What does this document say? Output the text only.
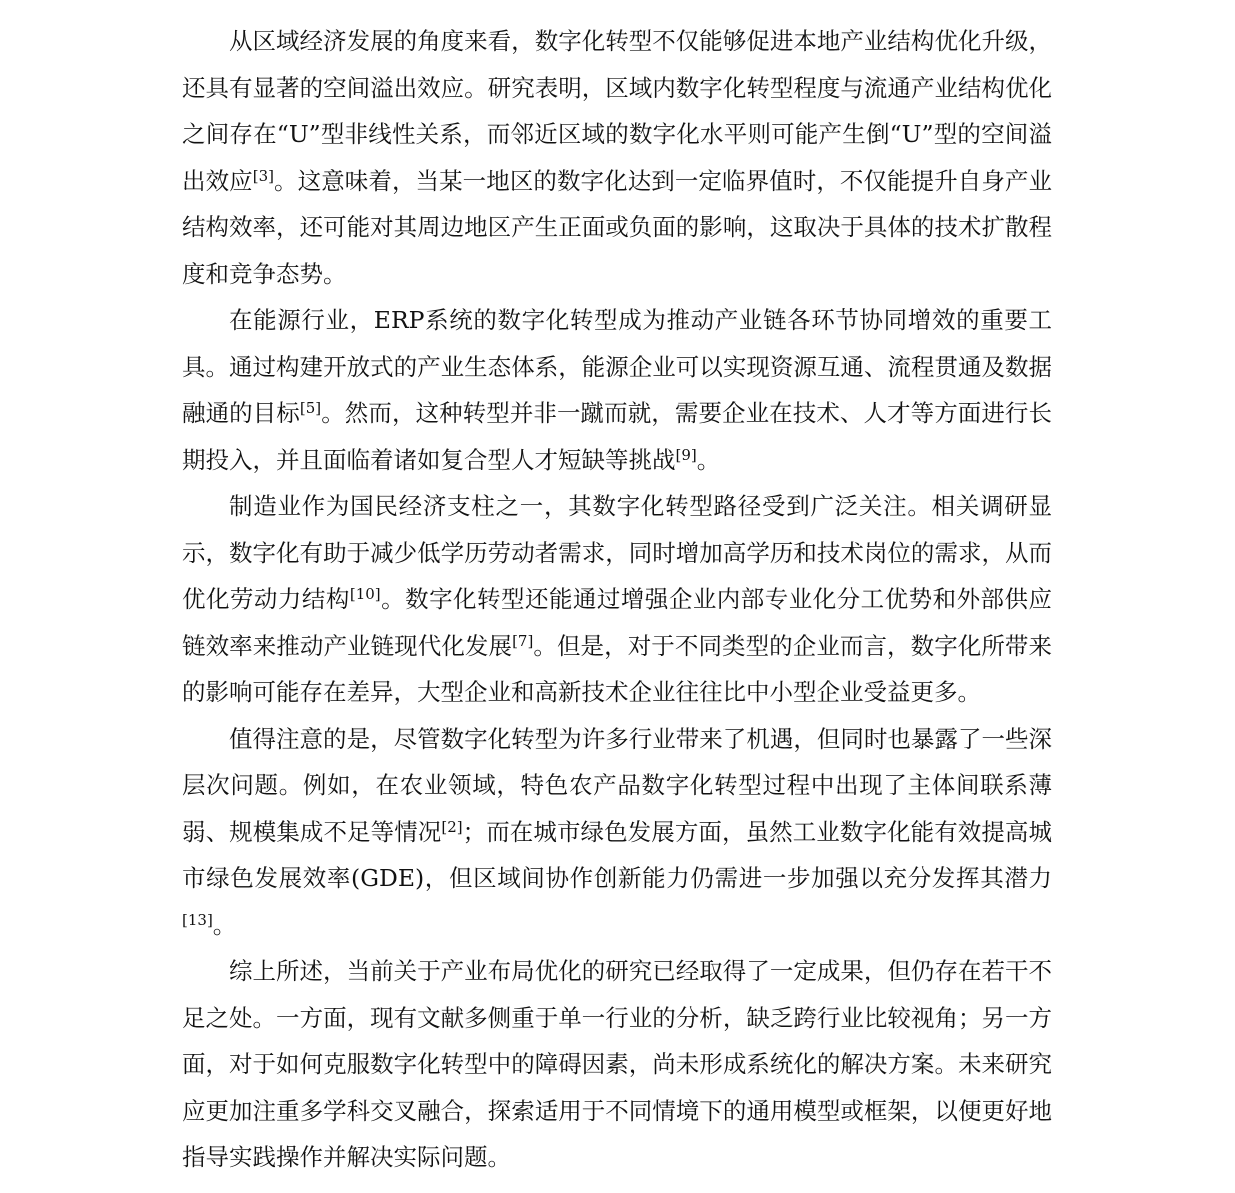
从区域经济发展的角度来看，数字化转型不仅能够促进本地产业结构优化升级，还具有显著的空间溢出效应。研究表明，区域内数字化转型程度与流通产业结构优化之间存在“U”型非线性关系，而邻近区域的数字化水平则可能产生倒“U”型的空间溢出效应[3]。这意味着，当某一地区的数字化达到一定临界值时，不仅能提升自身产业结构效率，还可能对其周边地区产生正面或负面的影响，这取决于具体的技术扩散程度和竞争态势。

在能源行业，ERP系统的数字化转型成为推动产业链各环节协同增效的重要工具。通过构建开放式的产业生态体系，能源企业可以实现资源互通、流程贯通及数据融通的目标[5]。然而，这种转型并非一蹴而就，需要企业在技术、人才等方面进行长期投入，并且面临着诸如复合型人才短缺等挑战[9]。

制造业作为国民经济支柱之一，其数字化转型路径受到广泛关注。相关调研显示，数字化有助于减少低学历劳动者需求，同时增加高学历和技术岗位的需求，从而优化劳动力结构[10]。数字化转型还能通过增强企业内部专业化分工优势和外部供应链效率来推动产业链现代化发展[7]。但是，对于不同类型的企业而言，数字化所带来的影响可能存在差异，大型企业和高新技术企业往往比中小型企业受益更多。

值得注意的是，尽管数字化转型为许多行业带来了机遇，但同时也暴露了一些深层次问题。例如，在农业领域，特色农产品数字化转型过程中出现了主体间联系薄弱、规模集成不足等情况[2]；而在城市绿色发展方面，虽然工业数字化能有效提高城市绿色发展效率(GDE)，但区域间协作创新能力仍需进一步加强以充分发挥其潜力[13]。

综上所述，当前关于产业布局优化的研究已经取得了一定成果，但仍存在若干不足之处。一方面，现有文献多侧重于单一行业的分析，缺乏跨行业比较视角；另一方面，对于如何克服数字化转型中的障碍因素，尚未形成系统化的解决方案。未来研究应更加注重多学科交叉融合，探索适用于不同情境下的通用模型或框架，以便更好地指导实践操作并解决实际问题。
